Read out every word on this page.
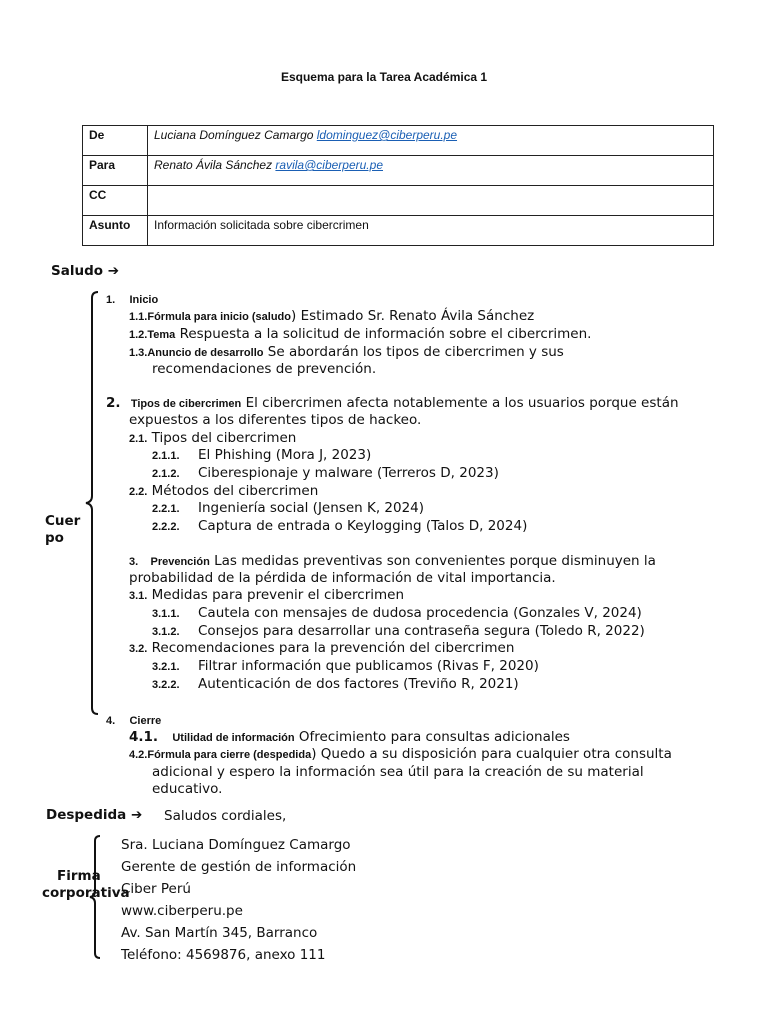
Esquema para la Tarea Académica 1
De	Luciana Domínguez Camargo ldominguez@ciberperu.pe
Para	Renato Ávila Sánchez ravila@ciberperu.pe
CC	
Asunto	Información solicitada sobre cibercrimen
Saludo ➔
Cuer
po
1. Inicio
1.1.Fórmula para inicio (saludo) Estimado Sr. Renato Ávila Sánchez
1.2.Tema Respuesta a la solicitud de información sobre el cibercrimen.
1.3.Anuncio de desarrollo Se abordarán los tipos de cibercrimen y sus
recomendaciones de prevención.
2. Tipos de cibercrimen El cibercrimen afecta notablemente a los usuarios porque están
expuestos a los diferentes tipos de hackeo.
2.1. Tipos del cibercrimen
2.1.1. El Phishing (Mora J, 2023)
2.1.2. Ciberespionaje y malware (Terreros D, 2023)
2.2. Métodos del cibercrimen
2.2.1. Ingeniería social (Jensen K, 2024)
2.2.2. Captura de entrada o Keylogging (Talos D, 2024)
3. Prevención Las medidas preventivas son convenientes porque disminuyen la
probabilidad de la pérdida de información de vital importancia.
3.1. Medidas para prevenir el cibercrimen
3.1.1. Cautela con mensajes de dudosa procedencia (Gonzales V, 2024)
3.1.2. Consejos para desarrollar una contraseña segura (Toledo R, 2022)
3.2. Recomendaciones para la prevención del cibercrimen
3.2.1. Filtrar información que publicamos (Rivas F, 2020)
3.2.2. Autenticación de dos factores (Treviño R, 2021)
4. Cierre
4.1. Utilidad de información Ofrecimiento para consultas adicionales
4.2.Fórmula para cierre (despedida) Quedo a su disposición para cualquier otra consulta
adicional y espero la información sea útil para la creación de su material
educativo.
Despedida ➔ Saludos cordiales,
Firma
corporativa
Sra. Luciana Domínguez Camargo
Gerente de gestión de información
Ciber Perú
www.ciberperu.pe
Av. San Martín 345, Barranco
Teléfono: 4569876, anexo 111
